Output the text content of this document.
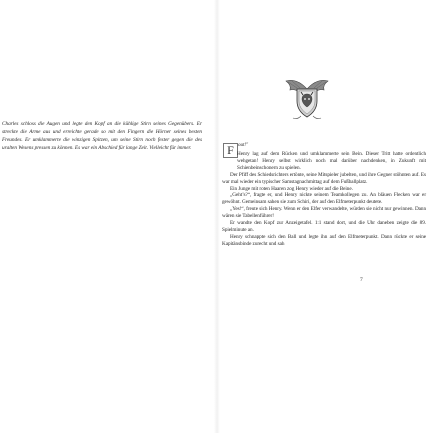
Charles schloss die Augen und legte den Kopf an die kühlige Stirn seines Gegenübers. Er streckte die Arme aus und erreichte gerade so mit den Fingern die Hörner seines besten Freundes. Er umklammerte die winzigen Spitzen, um seine Stirn noch fester gegen die des uralten Wesens pressen zu können. Es war ein Abschied für lange Zeit. Vielleicht für immer.	F out!"

Henry lag auf dem Rücken und umklammerte sein Bein. Dieser Tritt hatte ordentlich wehgetan! Henry selbst wirklich noch mal darüber nachdenken, in Zukunft mit Schienbeinschonern zu spielen.

Der Pfiff des Schiedsrichters ertönte, seine Mitspieler jubelten, und ihre Gegner stöhnten auf. Es war mal wieder ein typischer Samstagnachmittag auf dem Fußballplatz.

Ein Junge mit roten Haaren zog Henry wieder auf die Beine.

„Geht’s?“, fragte er, und Henry nickte seinem Teamkollegen zu. An bläuen Flecken war er gewöhnt. Gemeinsam sahen sie zum Schiri, der auf den Elfmeterpunkt deutete.

„Yes!“, freute sich Henry. Wenn er den Elfer verwandelte, würden sie nicht nur gewinnen. Dann wären sie Tabellenführer!

Er wandte den Kopf zur Anzeigetafel. 1:1 stand dort, und die Uhr daneben zeigte die 89. Spielminute an.

Henry schnappte sich den Ball und legte ihn auf den Elfmeterpunkt. Dann rückte er seine Kapitänsbinde zurecht und sah

7
